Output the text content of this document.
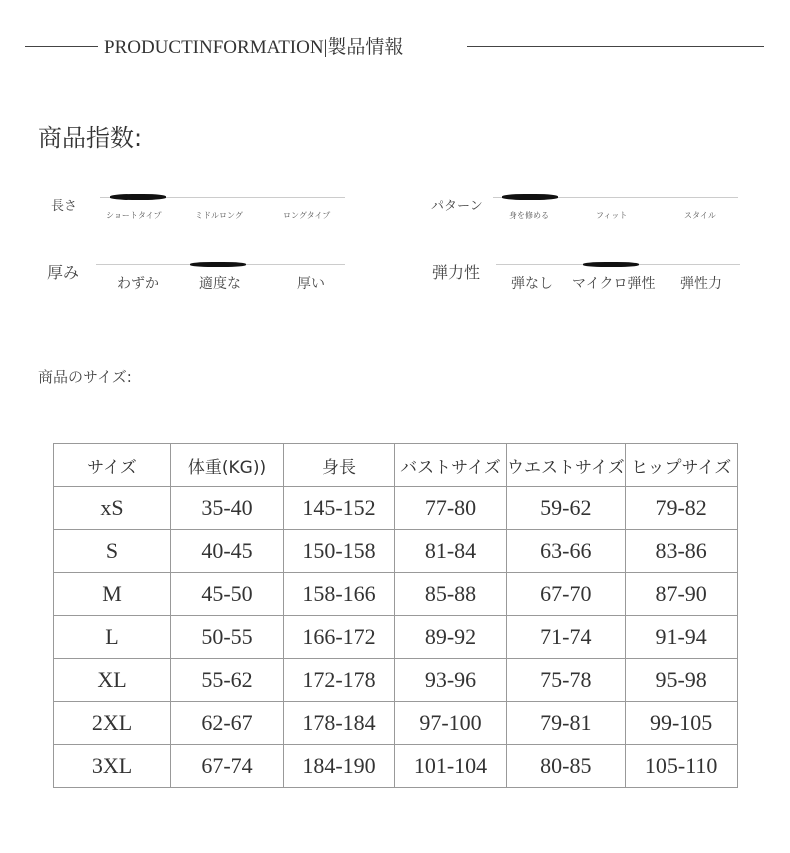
PRODUCTINFORMATION|製品情報
商品指数:
長さ
ショートタイプ	ミドルロング	ロングタイプ
パターン
身を修める	フィット	スタイル
厚み
わずか	適度な	厚い
弾力性
弾なし マイクロ弾性 弾性力
商品のサイズ:
サイズ	体重(KG))	身長	バストサイズ	ウエストサイズ	ヒップサイズ
xS	35-40	145-152	77-80	59-62	79-82
S	40-45	150-158	81-84	63-66	83-86
M	45-50	158-166	85-88	67-70	87-90
L	50-55	166-172	89-92	71-74	91-94
XL	55-62	172-178	93-96	75-78	95-98
2XL	62-67	178-184	97-100	79-81	99-105
3XL	67-74	184-190	101-104	80-85	105-110
